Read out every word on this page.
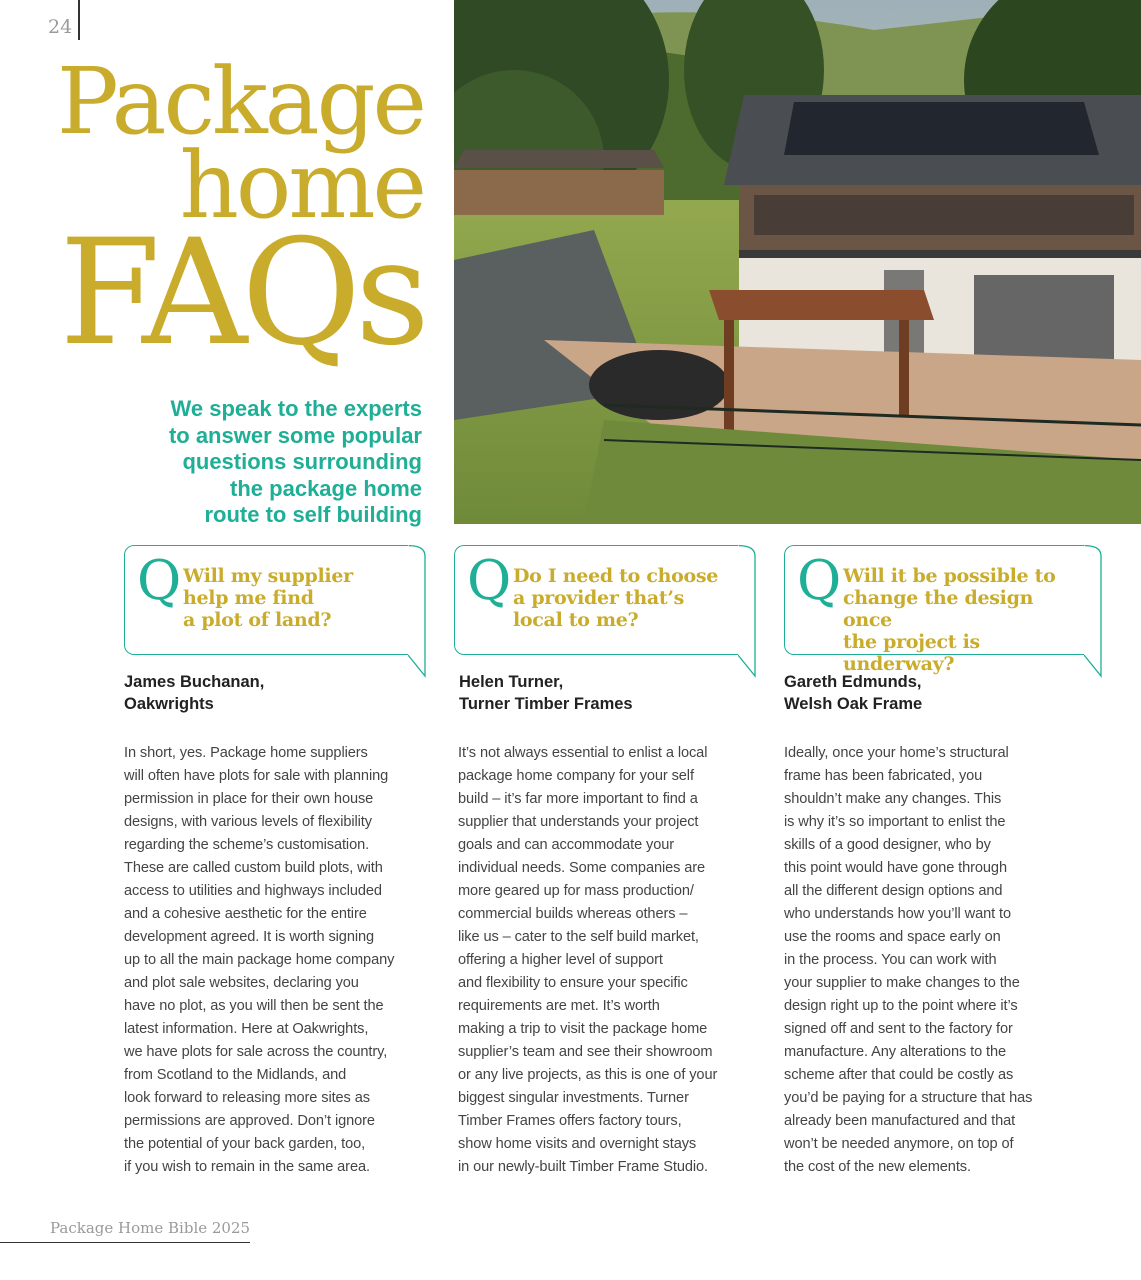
24
Package
home
FAQs
We speak to the experts
to answer some popular
questions surrounding
the package home
route to self building
Q Will my supplier
help me find
a plot of land?
James Buchanan,
Oakwrights
In short, yes. Package home suppliers
will often have plots for sale with planning
permission in place for their own house
designs, with various levels of flexibility
regarding the scheme’s customisation.
These are called custom build plots, with
access to utilities and highways included
and a cohesive aesthetic for the entire
development agreed. It is worth signing
up to all the main package home company
and plot sale websites, declaring you
have no plot, as you will then be sent the
latest information. Here at Oakwrights,
we have plots for sale across the country,
from Scotland to the Midlands, and
look forward to releasing more sites as
permissions are approved. Don’t ignore
the potential of your back garden, too,
if you wish to remain in the same area.
Q Do I need to choose
a provider that’s
local to me?
Helen Turner,
Turner Timber Frames
It’s not always essential to enlist a local
package home company for your self
build – it’s far more important to find a
supplier that understands your project
goals and can accommodate your
individual needs. Some companies are
more geared up for mass production/
commercial builds whereas others –
like us – cater to the self build market,
offering a higher level of support
and flexibility to ensure your specific
requirements are met. It’s worth
making a trip to visit the package home
supplier’s team and see their showroom
or any live projects, as this is one of your
biggest singular investments. Turner
Timber Frames offers factory tours,
show home visits and overnight stays
in our newly-built Timber Frame Studio.
Q Will it be possible to
change the design once
the project is underway?
Gareth Edmunds,
Welsh Oak Frame
Ideally, once your home’s structural
frame has been fabricated, you
shouldn’t make any changes. This
is why it’s so important to enlist the
skills of a good designer, who by
this point would have gone through
all the different design options and
who understands how you’ll want to
use the rooms and space early on
in the process. You can work with
your supplier to make changes to the
design right up to the point where it’s
signed off and sent to the factory for
manufacture. Any alterations to the
scheme after that could be costly as
you’d be paying for a structure that has
already been manufactured and that
won’t be needed anymore, on top of
the cost of the new elements.
Package Home Bible 2025
